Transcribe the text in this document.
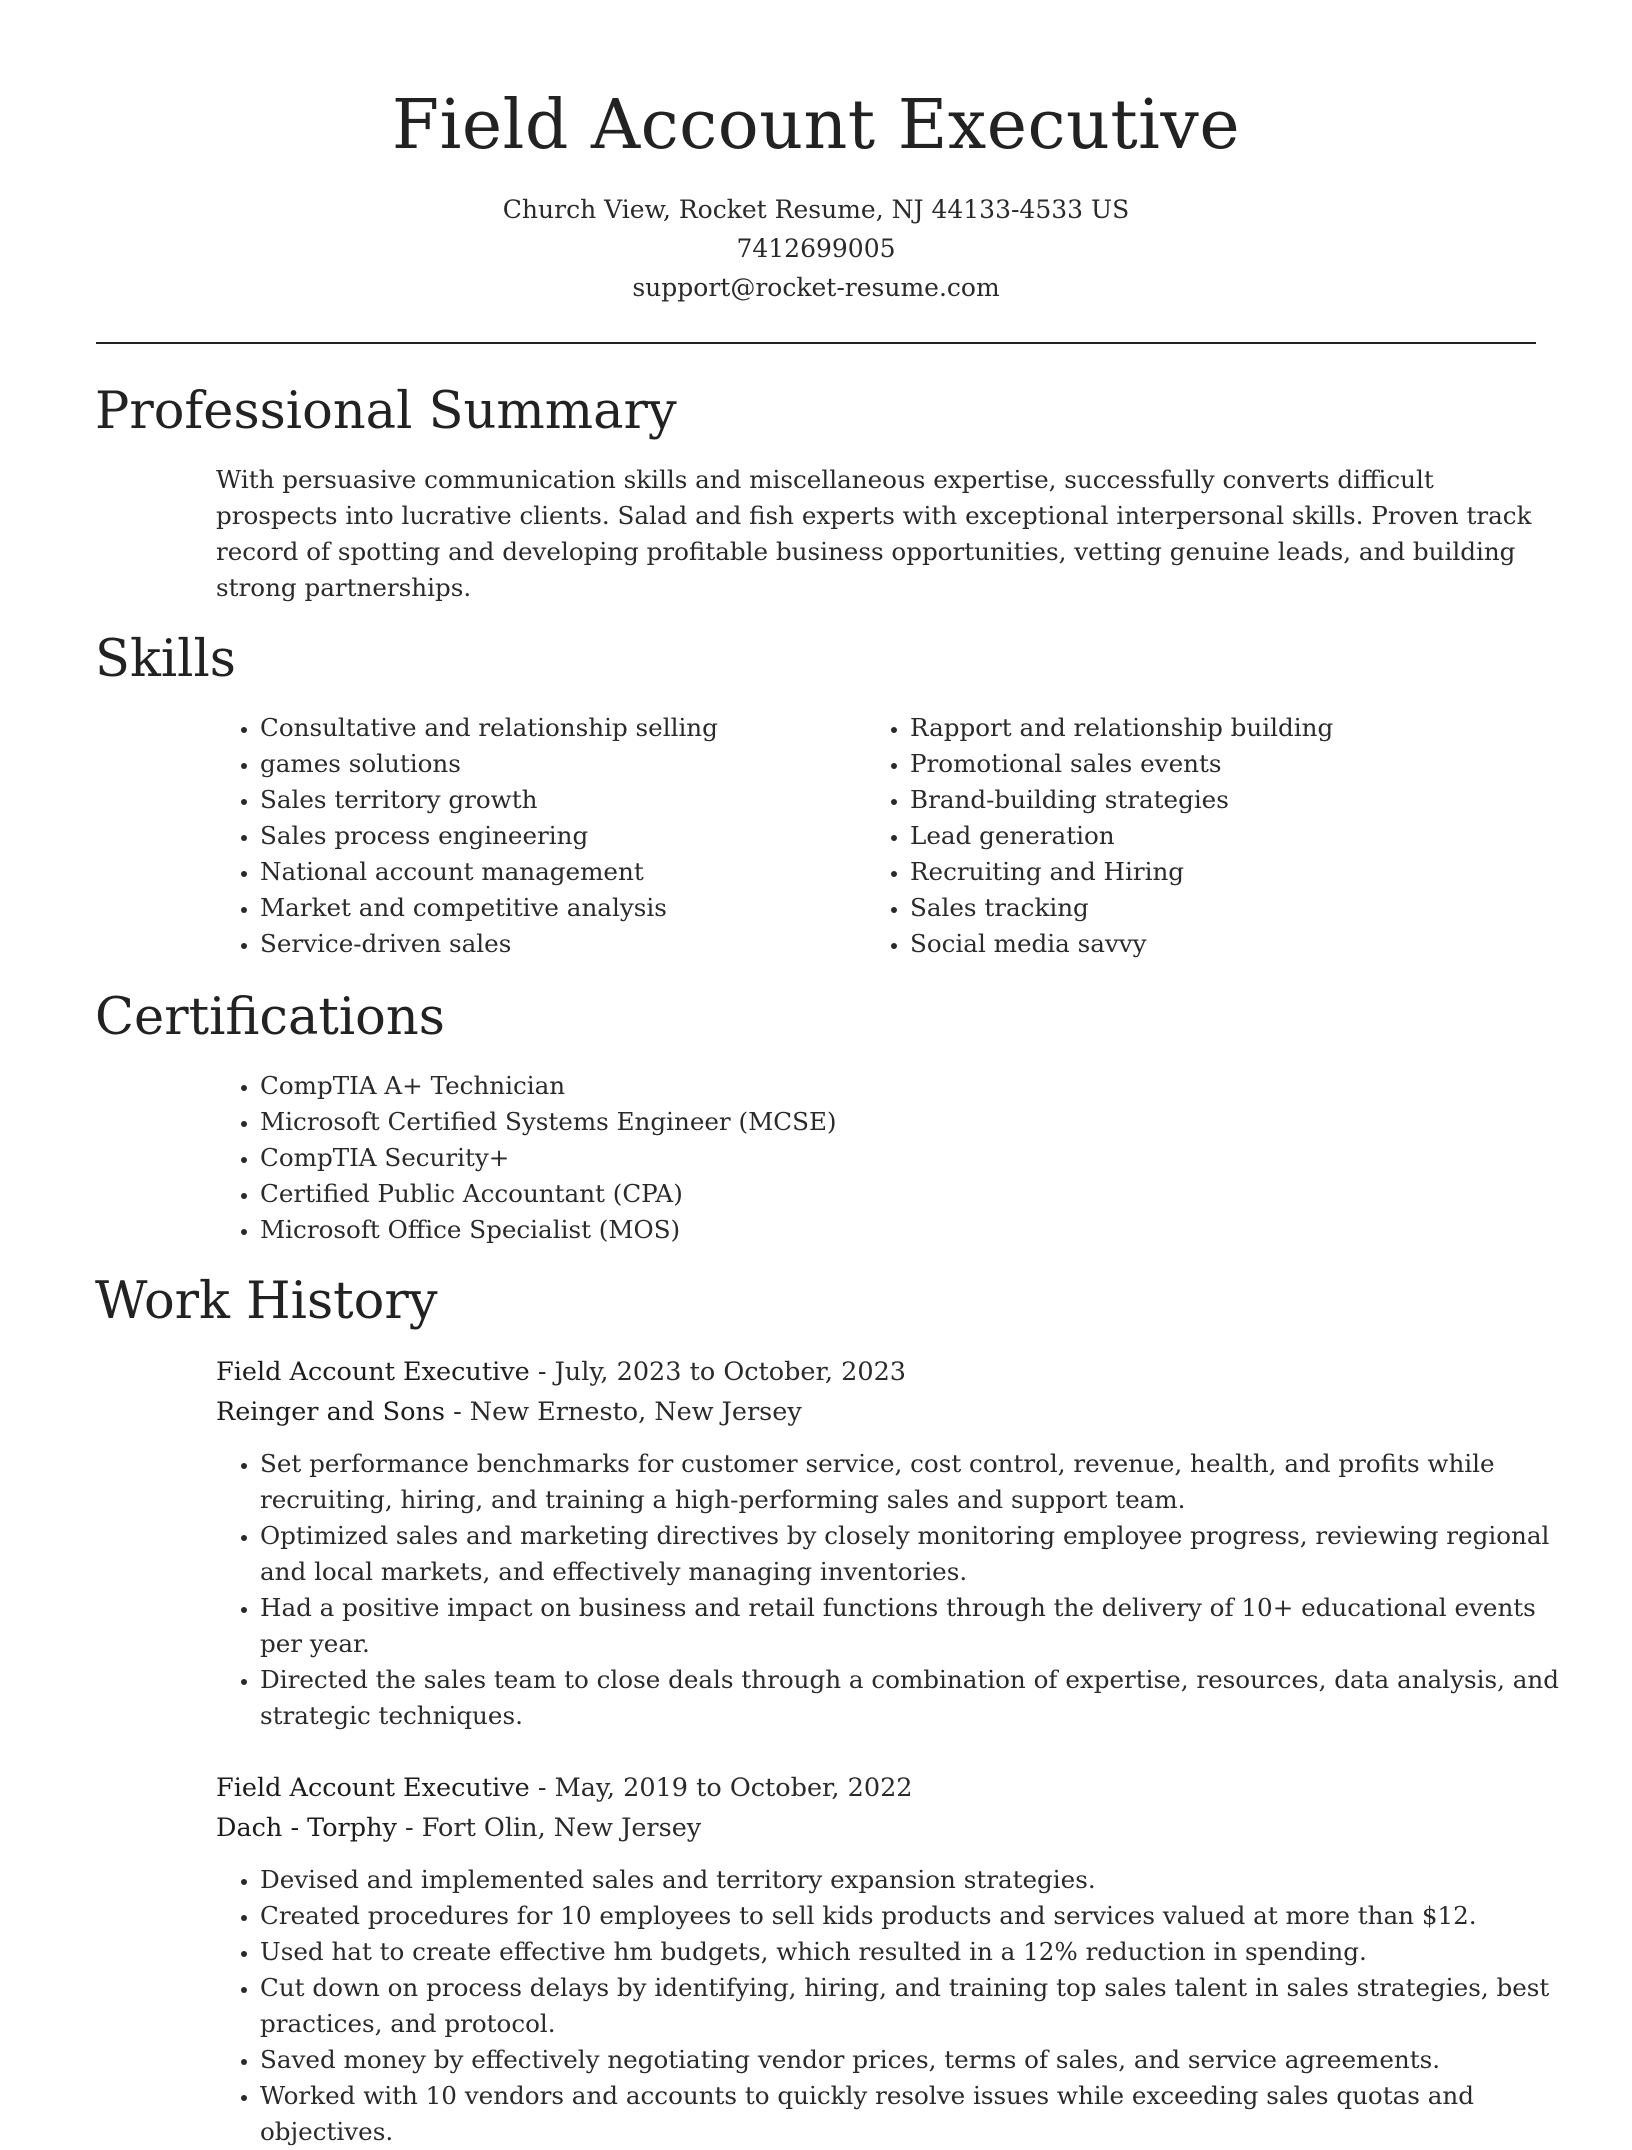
Field Account Executive
Church View, Rocket Resume, NJ 44133-4533 US
7412699005
support@rocket-resume.com
Professional Summary

With persuasive communication skills and miscellaneous expertise, successfully converts difficult prospects into lucrative clients. Salad and fish experts with exceptional interpersonal skills. Proven track record of spotting and developing profitable business opportunities, vetting genuine leads, and building strong partnerships.

Skills
• Consultative and relationship selling
• games solutions
• Sales territory growth
• Sales process engineering
• National account management
• Market and competitive analysis
• Service-driven sales
• Rapport and relationship building
• Promotional sales events
• Brand-building strategies
• Lead generation
• Recruiting and Hiring
• Sales tracking
• Social media savvy
Certifications
• CompTIA A+ Technician
• Microsoft Certified Systems Engineer (MCSE)
• CompTIA Security+
• Certified Public Accountant (CPA)
• Microsoft Office Specialist (MOS)
Work History
Field Account Executive - July, 2023 to October, 2023
Reinger and Sons - New Ernesto, New Jersey
• Set performance benchmarks for customer service, cost control, revenue, health, and profits while recruiting, hiring, and training a high-performing sales and support team.
• Optimized sales and marketing directives by closely monitoring employee progress, reviewing regional and local markets, and effectively managing inventories.
• Had a positive impact on business and retail functions through the delivery of 10+ educational events per year.
• Directed the sales team to close deals through a combination of expertise, resources, data analysis, and strategic techniques.
Field Account Executive - May, 2019 to October, 2022
Dach - Torphy - Fort Olin, New Jersey
• Devised and implemented sales and territory expansion strategies.
• Created procedures for 10 employees to sell kids products and services valued at more than $12.
• Used hat to create effective hm budgets, which resulted in a 12% reduction in spending.
• Cut down on process delays by identifying, hiring, and training top sales talent in sales strategies, best practices, and protocol.
• Saved money by effectively negotiating vendor prices, terms of sales, and service agreements.
• Worked with 10 vendors and accounts to quickly resolve issues while exceeding sales quotas and objectives.
